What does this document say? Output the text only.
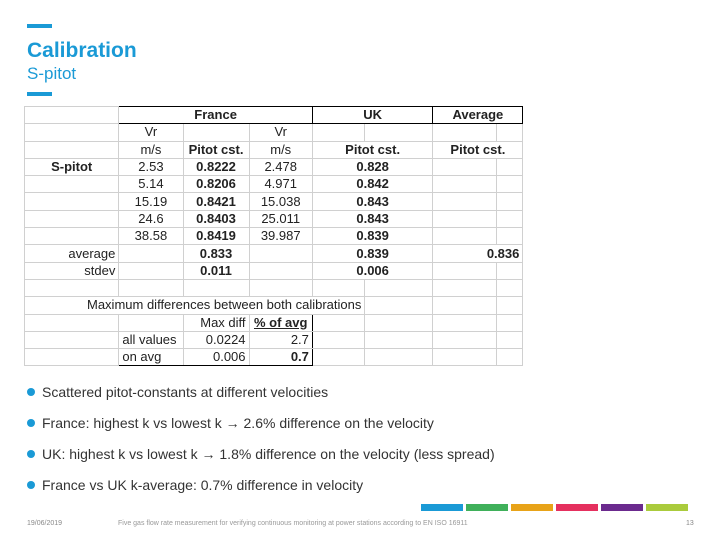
Calibration
S-pitot
	France			UK		Average	
	Vr		Vr				
	m/s	Pitot cst.	m/s	Pitot cst.		Pitot cst.	
S-pitot	2.53	0.8222	2.478	0.828			
	5.14	0.8206	4.971	0.842			
	15.19	0.8421	15.038	0.843			
	24.6	0.8403	25.011	0.843			
	38.58	0.8419	39.987	0.839			
average		0.833		0.839		0.836	
stdev		0.011		0.006			

Maximum differences between both calibrations							
		Max diff	% of avg				
	all values	0.0224	2.7				
	on avg	0.006	0.7				
Scattered pitot-constants at different velocities
France: highest k vs lowest k → 2.6% difference on the velocity
UK: highest k vs lowest k → 1.8% difference on the velocity (less spread)
France vs UK k-average: 0.7% difference in velocity
19/06/2019	Five gas flow rate measurement for verifying continuous monitoring at power stations according to EN ISO 16911	13
